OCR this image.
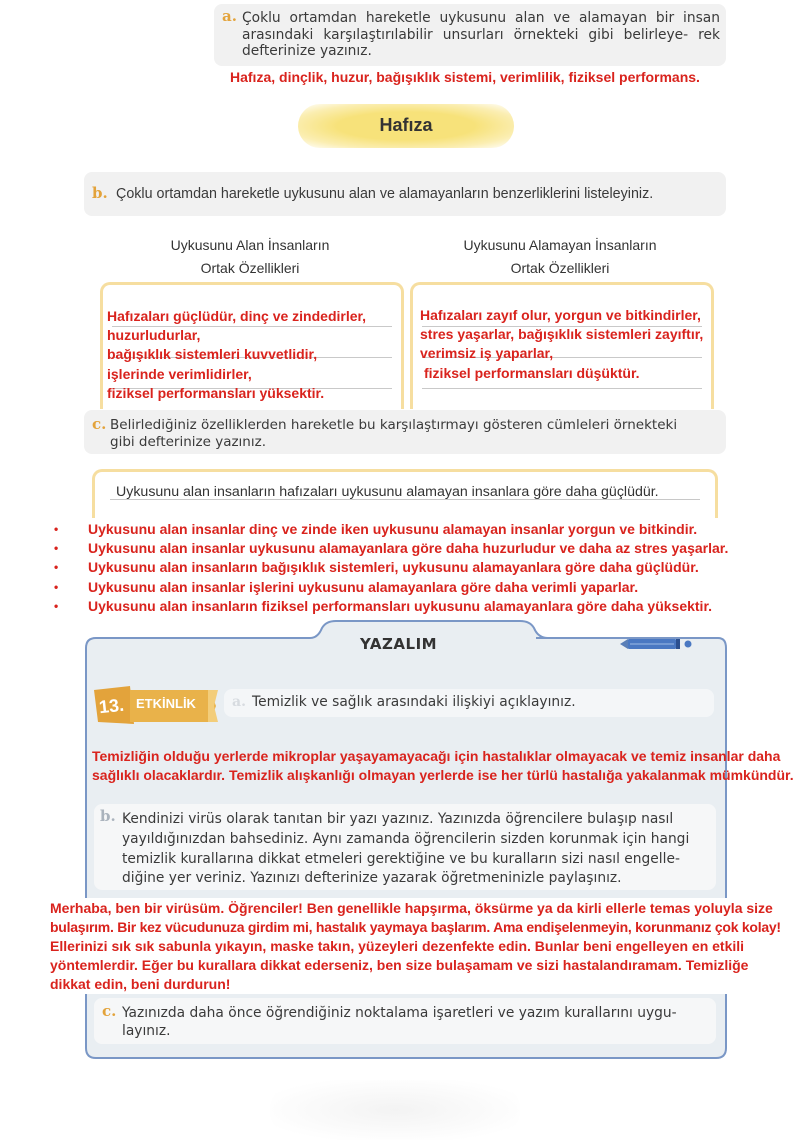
a. Çoklu ortamdan hareketle uykusunu alan ve alamayan bir insan arasındaki karşılaştırılabilir unsurları örnekteki gibi belirleye- rek defterinize yazınız.
Hafıza, dinçlik, huzur, bağışıklık sistemi, verimlilik, fiziksel performans.
Hafıza
b. Çoklu ortamdan hareketle uykusunu alan ve alamayanların benzerliklerini listeleyiniz.
Uykusunu Alan İnsanların
Ortak Özellikleri
Uykusunu Alamayan İnsanların
Ortak Özellikleri
Hafızaları güçlüdür, dinç ve zindedirler,
huzurludurlar,
bağışıklık sistemleri kuvvetlidir,
işlerinde verimlidirler,
fiziksel performansları yüksektir.
Hafızaları zayıf olur, yorgun ve bitkindirler,
stres yaşarlar, bağışıklık sistemleri zayıftır,
verimsiz iş yaparlar,
fiziksel performansları düşüktür.
c. Belirlediğiniz özelliklerden hareketle bu karşılaştırmayı gösteren cümleleri örnekteki
gibi defterinize yazınız.
Uykusunu alan insanların hafızaları uykusunu alamayan insanlara göre daha güçlüdür.
• Uykusunu alan insanlar dinç ve zinde iken uykusunu alamayan insanlar yorgun ve bitkindir.
• Uykusunu alan insanlar uykusunu alamayanlara göre daha huzurludur ve daha az stres yaşarlar.
• Uykusunu alan insanların bağışıklık sistemleri, uykusunu alamayanlara göre daha güçlüdür.
• Uykusunu alan insanlar işlerini uykusunu alamayanlara göre daha verimli yaparlar.
• Uykusunu alan insanların fiziksel performansları uykusunu alamayanlara göre daha yüksektir.
YAZALIM
13. ETKİNLİK	a. Temizlik ve sağlık arasındaki ilişkiyi açıklayınız.
Temizliğin olduğu yerlerde mikroplar yaşayamayacağı için hastalıklar olmayacak ve temiz insanlar daha
sağlıklı olacaklardır. Temizlik alışkanlığı olmayan yerlerde ise her türlü hastalığa yakalanmak mümkündür.
b. Kendinizi virüs olarak tanıtan bir yazı yazınız. Yazınızda öğrencilere bulaşıp nasıl
yayıldığınızdan bahsediniz. Aynı zamanda öğrencilerin sizden korunmak için hangi
temizlik kurallarına dikkat etmeleri gerektiğine ve bu kuralların sizi nasıl engelle-
diğine yer veriniz. Yazınızı defterinize yazarak öğretmeninizle paylaşınız.
Merhaba, ben bir virüsüm. Öğrenciler! Ben genellikle hapşırma, öksürme ya da kirli ellerle temas yoluyla size
bulaşırım. Bir kez vücudunuza girdim mi, hastalık yaymaya başlarım. Ama endişelenmeyin, korunmanız çok kolay!
Ellerinizi sık sık sabunla yıkayın, maske takın, yüzeyleri dezenfekte edin. Bunlar beni engelleyen en etkili
yöntemlerdir. Eğer bu kurallara dikkat ederseniz, ben size bulaşamam ve sizi hastalandıramam. Temizliğe
dikkat edin, beni durdurun!
c. Yazınızda daha önce öğrendiğiniz noktalama işaretleri ve yazım kurallarını uygu-
layınız.
